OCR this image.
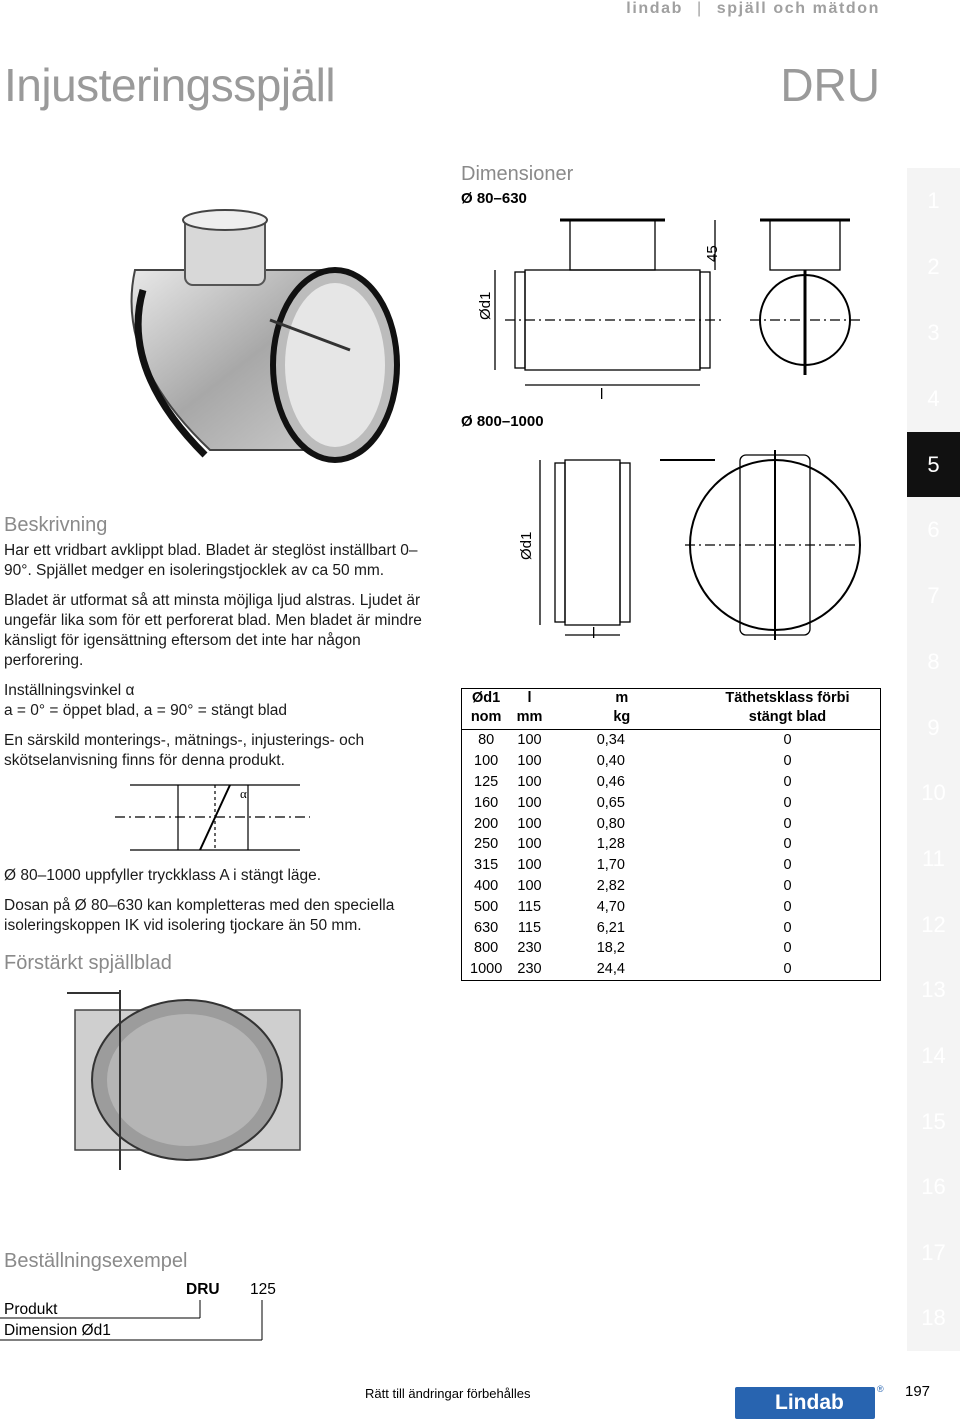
lindab | spjäll och mätdon
Injusteringsspjäll	DRU
1
2
3
4
5
6
7
8
9
10
11
12
13
14
15
16
17
18
Dimensioner
Ø 80–630
Ø 800–1000
Ød1
45
l
Ød1
l
Ød1	l	m	Täthetsklass förbi
nom	mm	kg	stängt blad
80	100	0,34	0
100	100	0,40	0
125	100	0,46	0
160	100	0,65	0
200	100	0,80	0
250	100	1,28	0
315	100	1,70	0
400	100	2,82	0
500	115	4,70	0
630	115	6,21	0
800	230	18,2	0
1000	230	24,4	0
Beskrivning

Har ett vridbart avklippt blad. Bladet är steglöst inställbart 0–90°. Spjället medger en isoleringstjocklek av ca 50 mm.

Bladet är utformat så att minsta möjliga ljud alstras. Ljudet är ungefär lika som för ett perforerat blad. Men bladet är mindre känsligt för igensättning eftersom det inte har någon perforering.

Inställningsvinkel α

a = 0° = öppet blad, a = 90° = stängt blad

En särskild monterings-, mätnings-, injusterings- och skötselanvisning finns för denna produkt.

α

Ø 80–1000 uppfyller tryckklass A i stängt läge.

Dosan på Ø 80–630 kan kompletteras med den speciella isoleringskoppen IK vid isolering tjockare än 50 mm.

Förstärkt spjällblad
Beställningsexempel
DRU 125
Produkt
Dimension Ød1
Rätt till ändringar förbehålles	Lindab
® 197
